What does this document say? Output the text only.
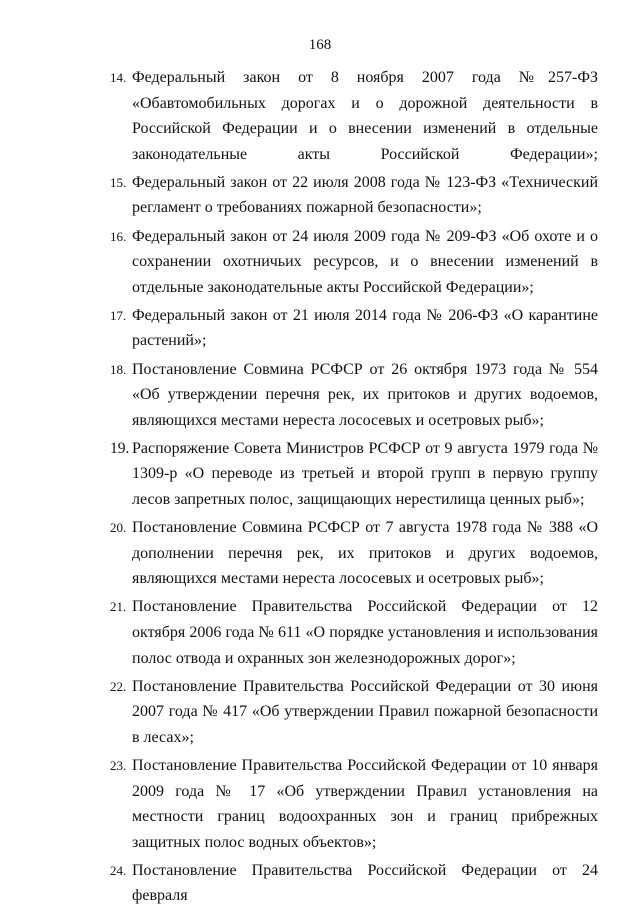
168
14. Федеральный закон от 8 ноября 2007 года №257-ФЗ «Обавтомобильных дорогах и о дорожной деятельности в Российской Федерации и о внесении изменений в отдельные законодательные акты Российской Федерации»;
15. Федеральный закон от 22 июля 2008 года № 123-ФЗ «Технический регламент о требованиях пожарной безопасности»;
16. Федеральный закон от 24 июля 2009 года № 209-ФЗ «Об охоте и о сохранении охотничьих ресурсов, и о внесении изменений в отдельные законодательные акты Российской Федерации»;
17. Федеральный закон от 21 июля 2014 года № 206-ФЗ «О карантине растений»;
18. Постановление Совмина РСФСР от 26 октября 1973 года № 554 «Об утверждении перечня рек, их притоков и других водоемов, являющихся местами нереста лососевых и осетровых рыб»;
19. Распоряжение Совета Министров РСФСР от 9 августа 1979 года № 1309-р «О переводе из третьей и второй групп в первую группу лесов запретных полос, защищающих нерестилища ценных рыб»;
20. Постановление Совмина РСФСР от 7 августа 1978 года № 388 «О дополнении перечня рек, их притоков и других водоемов, являющихся местами нереста лососевых и осетровых рыб»;
21. Постановление Правительства Российской Федерации от 12 октября 2006 года № 611 «О порядке установления и использования полос отвода и охранных зон железнодорожных дорог»;
22. Постановление Правительства Российской Федерации от 30 июня 2007 года № 417 «Об утверждении Правил пожарной безопасности в лесах»;
23. Постановление Правительства Российской Федерации от 10 января 2009 года № 17 «Об утверждении Правил установления на местности границ водоохранных зон и границ прибрежных защитных полос водных объектов»;
24. Постановление Правительства Российской Федерации от 24 февраля
